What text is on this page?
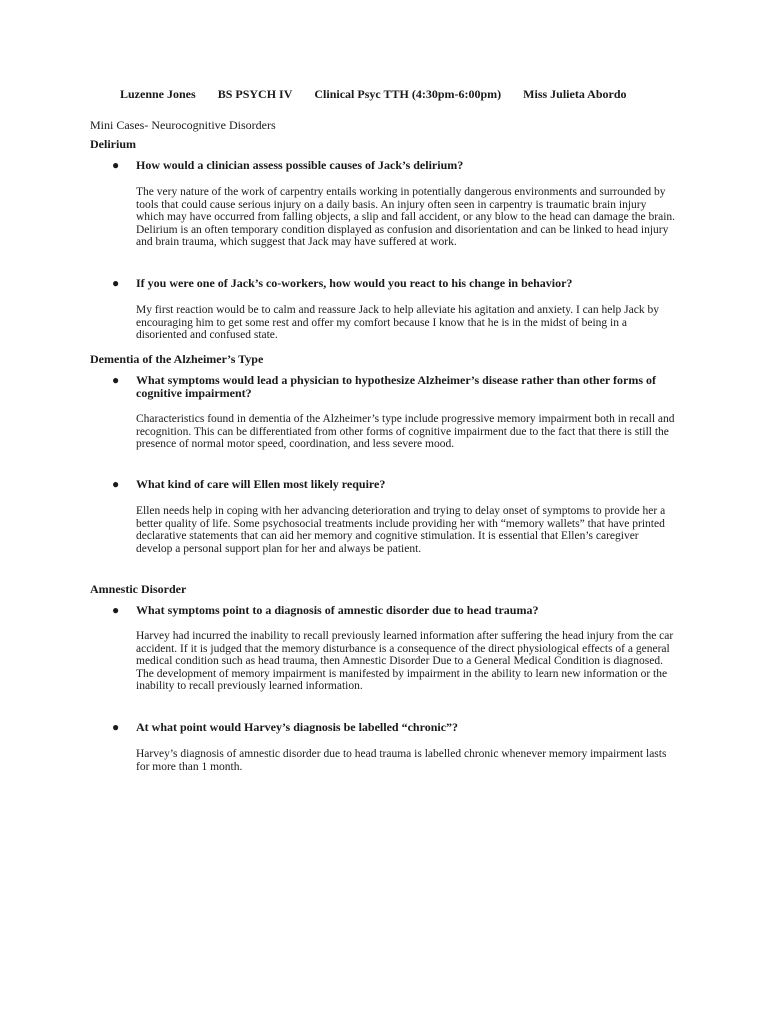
Luzenne Jones BS PSYCH IV Clinical Psyc TTH (4:30pm-6:00pm) Miss Julieta Abordo

Mini Cases- Neurocognitive Disorders
Delirium
● How would a clinician assess possible causes of Jack’s delirium?
The very nature of the work of carpentry entails working in potentially dangerous environments and surrounded by tools that could cause serious injury on a daily basis. An injury often seen in carpentry is traumatic brain injury which may have occurred from falling objects, a slip and fall accident, or any blow to the head can damage the brain. Delirium is an often temporary condition displayed as confusion and disorientation and can be linked to head injury and brain trauma, which suggest that Jack may have suffered at work.
● If you were one of Jack’s co-workers, how would you react to his change in behavior?
My first reaction would be to calm and reassure Jack to help alleviate his agitation and anxiety. I can help Jack by encouraging him to get some rest and offer my comfort because I know that he is in the midst of being in a disoriented and confused state.
Dementia of the Alzheimer’s Type
● What symptoms would lead a physician to hypothesize Alzheimer’s disease rather than other forms of cognitive impairment?
Characteristics found in dementia of the Alzheimer’s type include progressive memory impairment both in recall and recognition. This can be differentiated from other forms of cognitive impairment due to the fact that there is still the presence of normal motor speed, coordination, and less severe mood.
● What kind of care will Ellen most likely require?
Ellen needs help in coping with her advancing deterioration and trying to delay onset of symptoms to provide her a better quality of life. Some psychosocial treatments include providing her with “memory wallets” that have printed declarative statements that can aid her memory and cognitive stimulation. It is essential that Ellen’s caregiver develop a personal support plan for her and always be patient.
Amnestic Disorder
● What symptoms point to a diagnosis of amnestic disorder due to head trauma?
Harvey had incurred the inability to recall previously learned information after suffering the head injury from the car accident. If it is judged that the memory disturbance is a consequence of the direct physiological effects of a general medical condition such as head trauma, then Amnestic Disorder Due to a General Medical Condition is diagnosed. The development of memory impairment is manifested by impairment in the ability to learn new information or the inability to recall previously learned information.
● At what point would Harvey’s diagnosis be labelled “chronic”?
Harvey’s diagnosis of amnestic disorder due to head trauma is labelled chronic whenever memory impairment lasts for more than 1 month.
